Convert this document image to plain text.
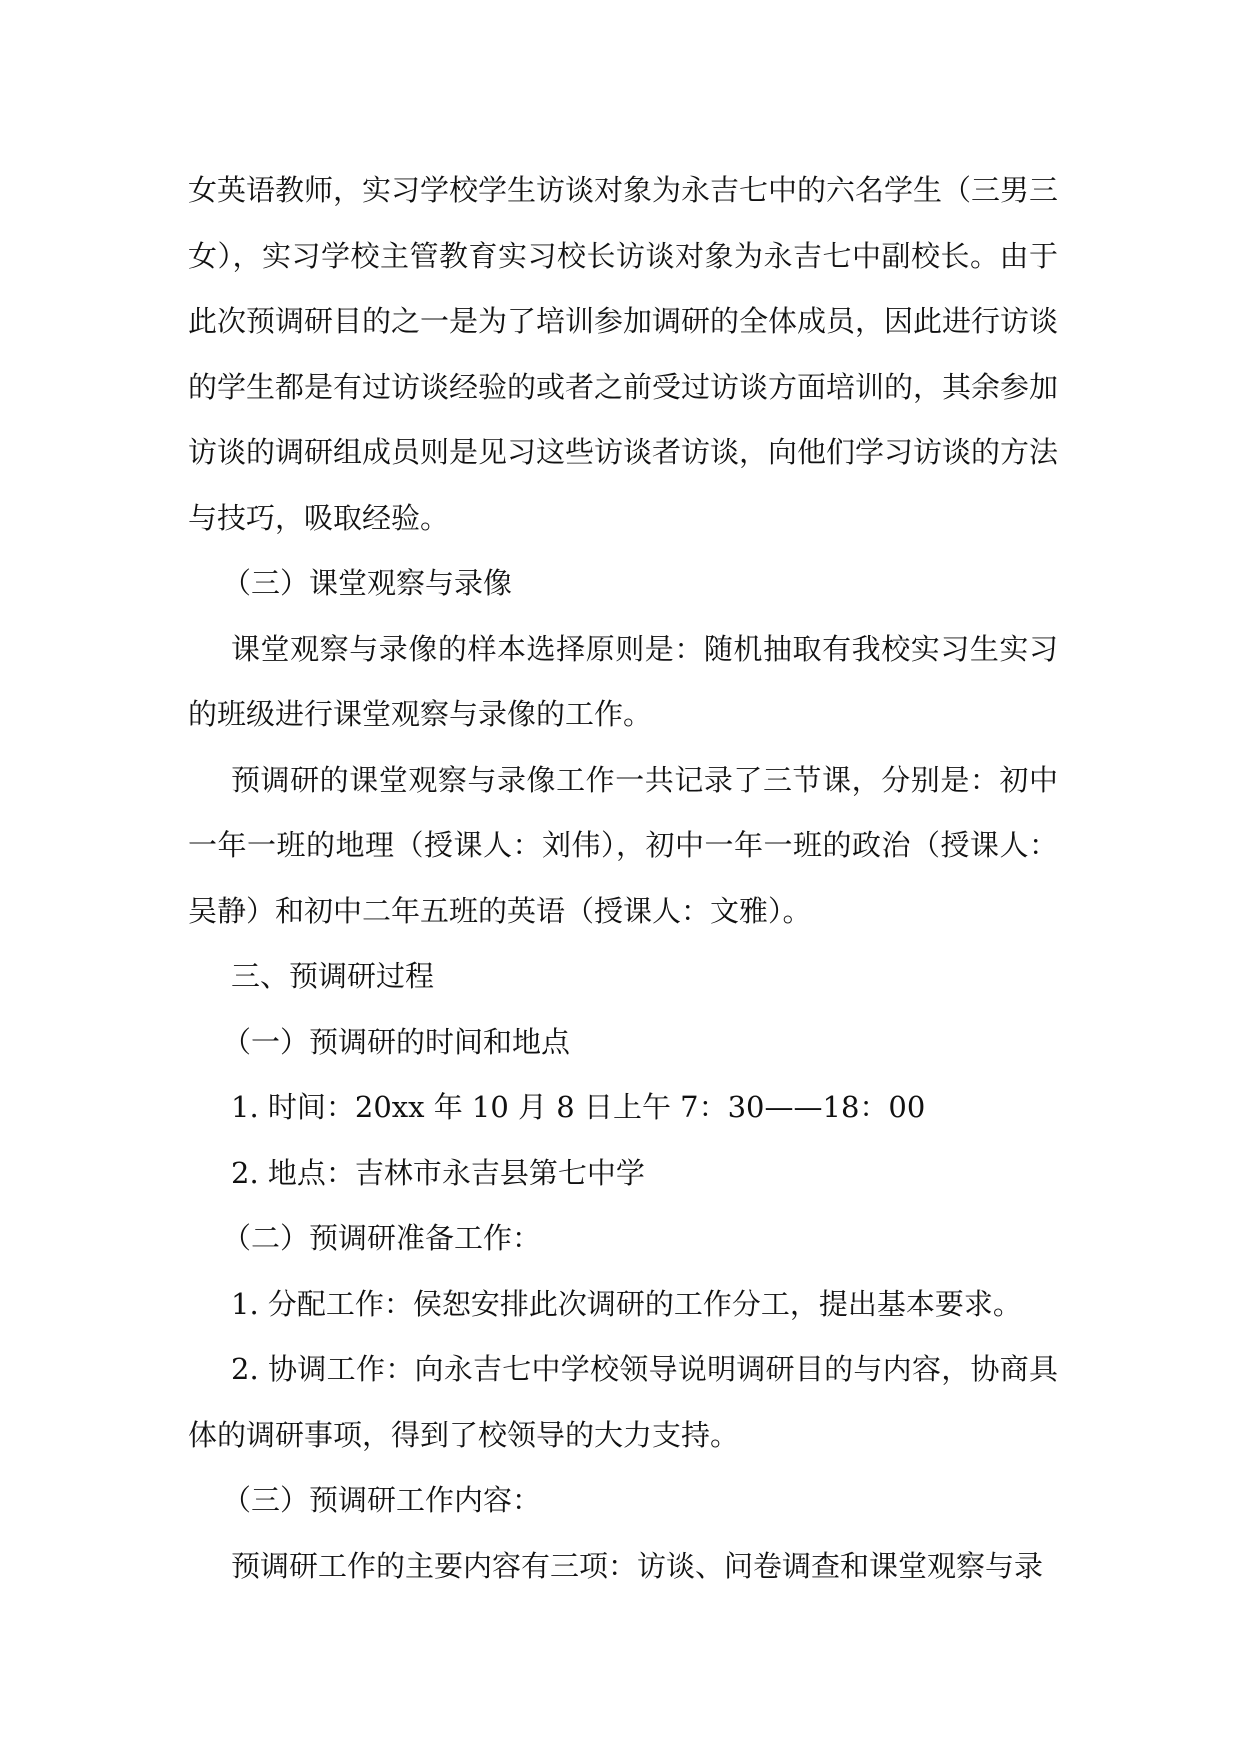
女英语教师，实习学校学生访谈对象为永吉七中的六名学生（三男三女），实习学校主管教育实习校长访谈对象为永吉七中副校长。由于此次预调研目的之一是为了培训参加调研的全体成员，因此进行访谈的学生都是有过访谈经验的或者之前受过访谈方面培训的，其余参加访谈的调研组成员则是见习这些访谈者访谈，向他们学习访谈的方法与技巧，吸取经验。

（三）课堂观察与录像

课堂观察与录像的样本选择原则是：随机抽取有我校实习生实习的班级进行课堂观察与录像的工作。

预调研的课堂观察与录像工作一共记录了三节课，分别是：初中一年一班的地理（授课人：刘伟），初中一年一班的政治（授课人：吴静）和初中二年五班的英语（授课人：文雅）。

三、预调研过程

（一）预调研的时间和地点

1. 时间：20xx 年 10 月 8 日上午 7：30——18：00

2. 地点：吉林市永吉县第七中学

（二）预调研准备工作：

1. 分配工作：侯恕安排此次调研的工作分工，提出基本要求。

2. 协调工作：向永吉七中学校领导说明调研目的与内容，协商具体的调研事项，得到了校领导的大力支持。

（三）预调研工作内容：

预调研工作的主要内容有三项：访谈、问卷调查和课堂观察与录
